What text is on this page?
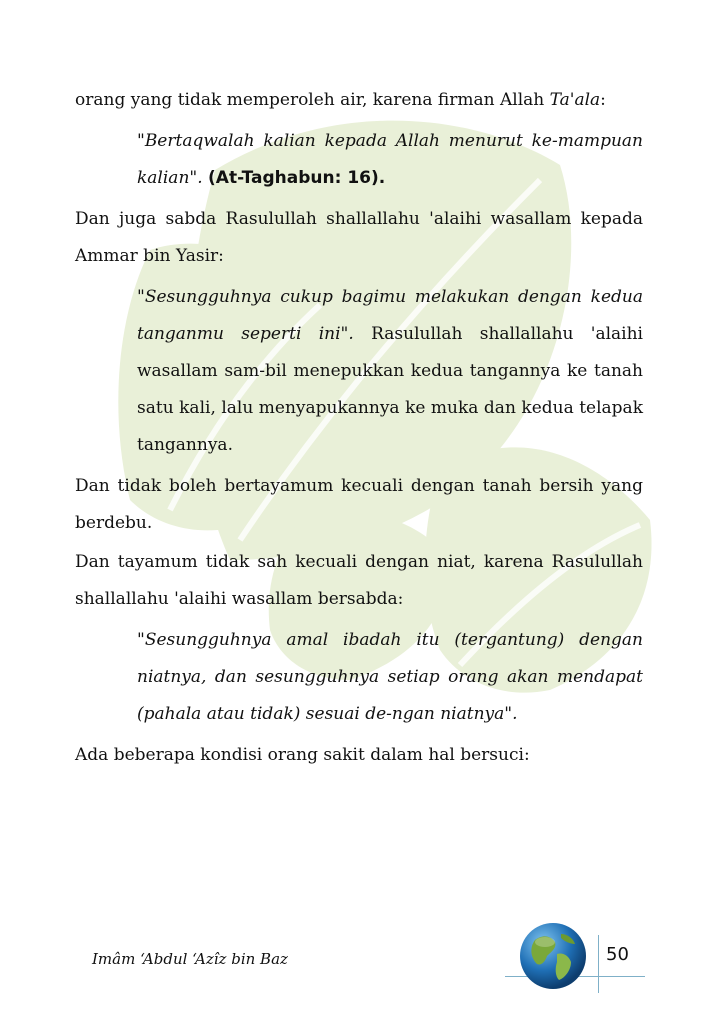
orang yang tidak memperoleh air, karena firman Allah Ta'ala:

"Bertaqwalah kalian kepada Allah menurut ke-mampuan kalian". (At-Taghabun: 16).

Dan juga sabda Rasulullah shallallahu 'alaihi wasallam kepada Ammar bin Yasir:

"Sesungguhnya cukup bagimu melakukan dengan kedua tanganmu seperti ini". Rasulullah shallallahu 'alaihi wasallam sam-bil menepukkan kedua tangannya ke tanah satu kali, lalu menyapukannya ke muka dan kedua telapak tangannya.

Dan tidak boleh bertayamum kecuali dengan tanah bersih yang berdebu.

Dan tayamum tidak sah kecuali dengan niat, karena Rasulullah shallallahu 'alaihi wasallam bersabda:

"Sesungguhnya amal ibadah itu (tergantung) dengan niatnya, dan sesungguhnya setiap orang akan mendapat (pahala atau tidak) sesuai de-ngan niatnya".

Ada beberapa kondisi orang sakit dalam hal bersuci:

Imâm ‘Abdul ‘Azîz bin Baz	50
